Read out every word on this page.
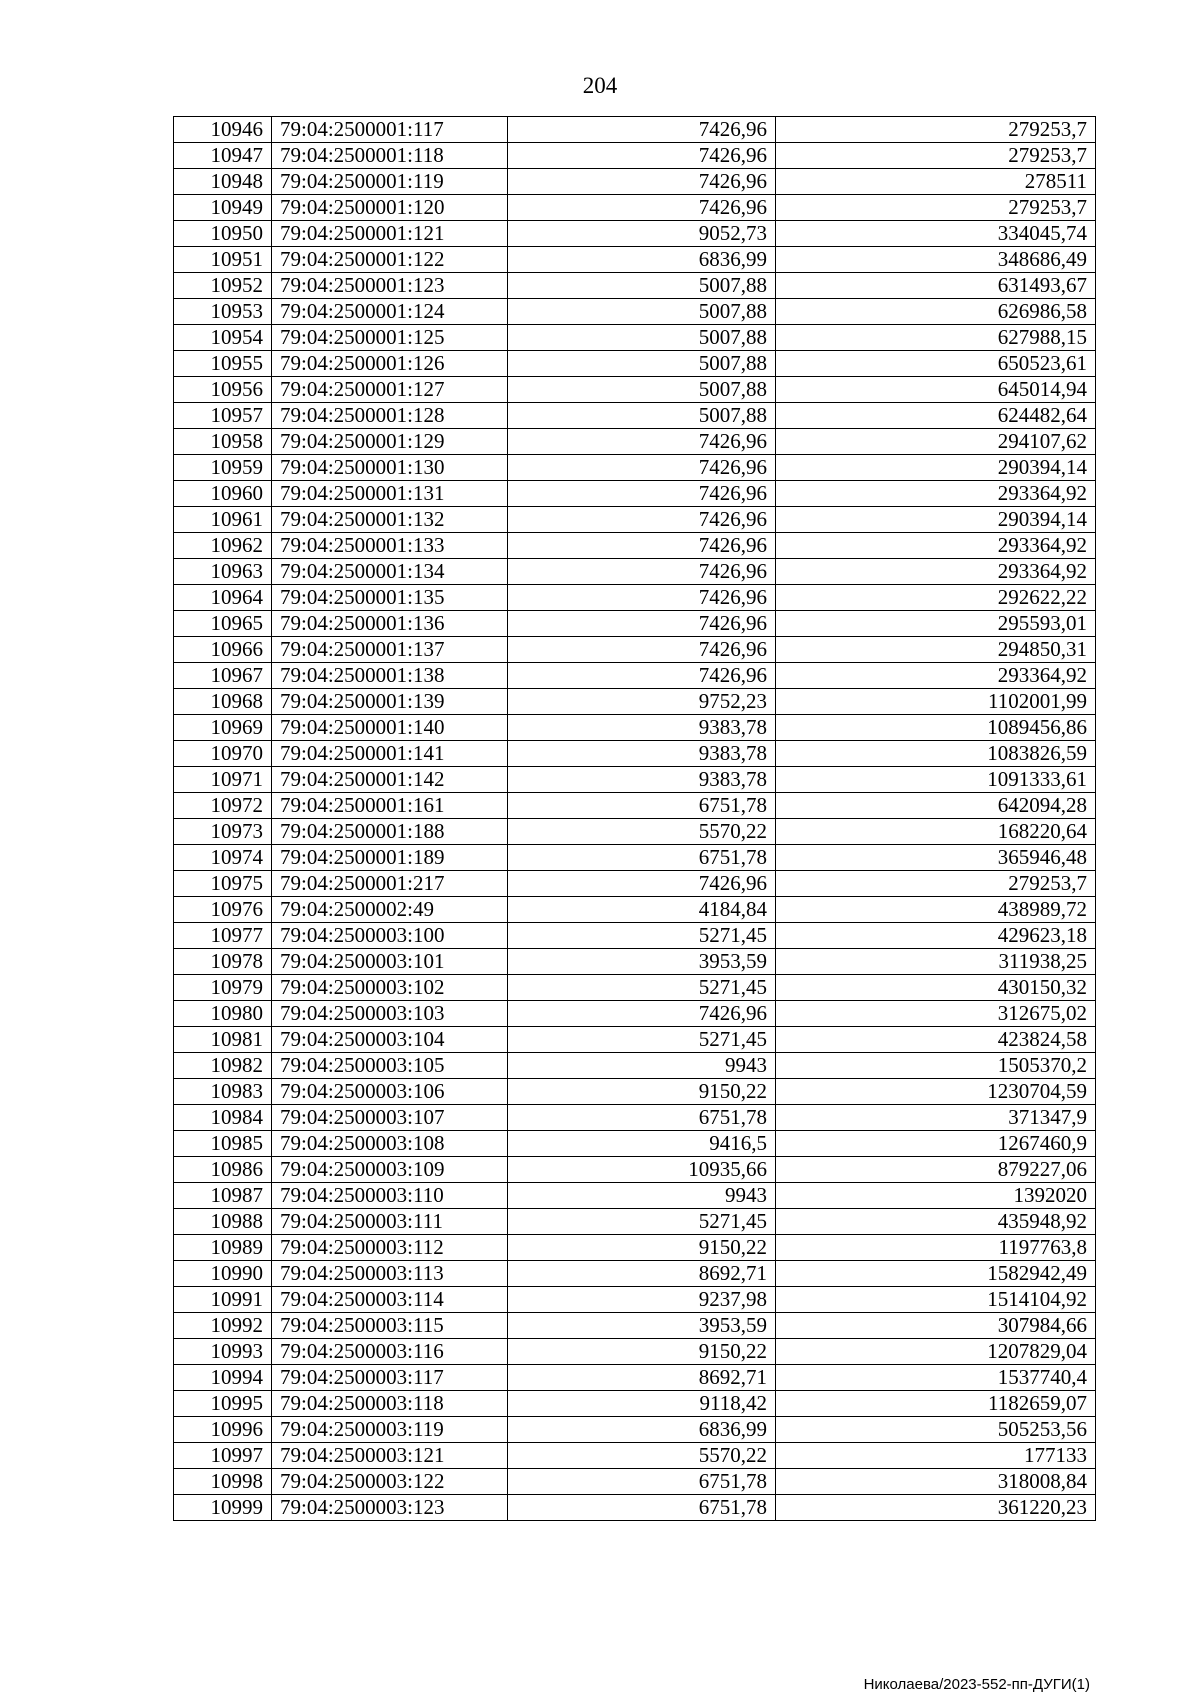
204
10946	79:04:2500001:117	7426,96	279253,7
10947	79:04:2500001:118	7426,96	279253,7
10948	79:04:2500001:119	7426,96	278511
10949	79:04:2500001:120	7426,96	279253,7
10950	79:04:2500001:121	9052,73	334045,74
10951	79:04:2500001:122	6836,99	348686,49
10952	79:04:2500001:123	5007,88	631493,67
10953	79:04:2500001:124	5007,88	626986,58
10954	79:04:2500001:125	5007,88	627988,15
10955	79:04:2500001:126	5007,88	650523,61
10956	79:04:2500001:127	5007,88	645014,94
10957	79:04:2500001:128	5007,88	624482,64
10958	79:04:2500001:129	7426,96	294107,62
10959	79:04:2500001:130	7426,96	290394,14
10960	79:04:2500001:131	7426,96	293364,92
10961	79:04:2500001:132	7426,96	290394,14
10962	79:04:2500001:133	7426,96	293364,92
10963	79:04:2500001:134	7426,96	293364,92
10964	79:04:2500001:135	7426,96	292622,22
10965	79:04:2500001:136	7426,96	295593,01
10966	79:04:2500001:137	7426,96	294850,31
10967	79:04:2500001:138	7426,96	293364,92
10968	79:04:2500001:139	9752,23	1102001,99
10969	79:04:2500001:140	9383,78	1089456,86
10970	79:04:2500001:141	9383,78	1083826,59
10971	79:04:2500001:142	9383,78	1091333,61
10972	79:04:2500001:161	6751,78	642094,28
10973	79:04:2500001:188	5570,22	168220,64
10974	79:04:2500001:189	6751,78	365946,48
10975	79:04:2500001:217	7426,96	279253,7
10976	79:04:2500002:49	4184,84	438989,72
10977	79:04:2500003:100	5271,45	429623,18
10978	79:04:2500003:101	3953,59	311938,25
10979	79:04:2500003:102	5271,45	430150,32
10980	79:04:2500003:103	7426,96	312675,02
10981	79:04:2500003:104	5271,45	423824,58
10982	79:04:2500003:105	9943	1505370,2
10983	79:04:2500003:106	9150,22	1230704,59
10984	79:04:2500003:107	6751,78	371347,9
10985	79:04:2500003:108	9416,5	1267460,9
10986	79:04:2500003:109	10935,66	879227,06
10987	79:04:2500003:110	9943	1392020
10988	79:04:2500003:111	5271,45	435948,92
10989	79:04:2500003:112	9150,22	1197763,8
10990	79:04:2500003:113	8692,71	1582942,49
10991	79:04:2500003:114	9237,98	1514104,92
10992	79:04:2500003:115	3953,59	307984,66
10993	79:04:2500003:116	9150,22	1207829,04
10994	79:04:2500003:117	8692,71	1537740,4
10995	79:04:2500003:118	9118,42	1182659,07
10996	79:04:2500003:119	6836,99	505253,56
10997	79:04:2500003:121	5570,22	177133
10998	79:04:2500003:122	6751,78	318008,84
10999	79:04:2500003:123	6751,78	361220,23
Николаева/2023-552-пп-ДУГИ(1)
